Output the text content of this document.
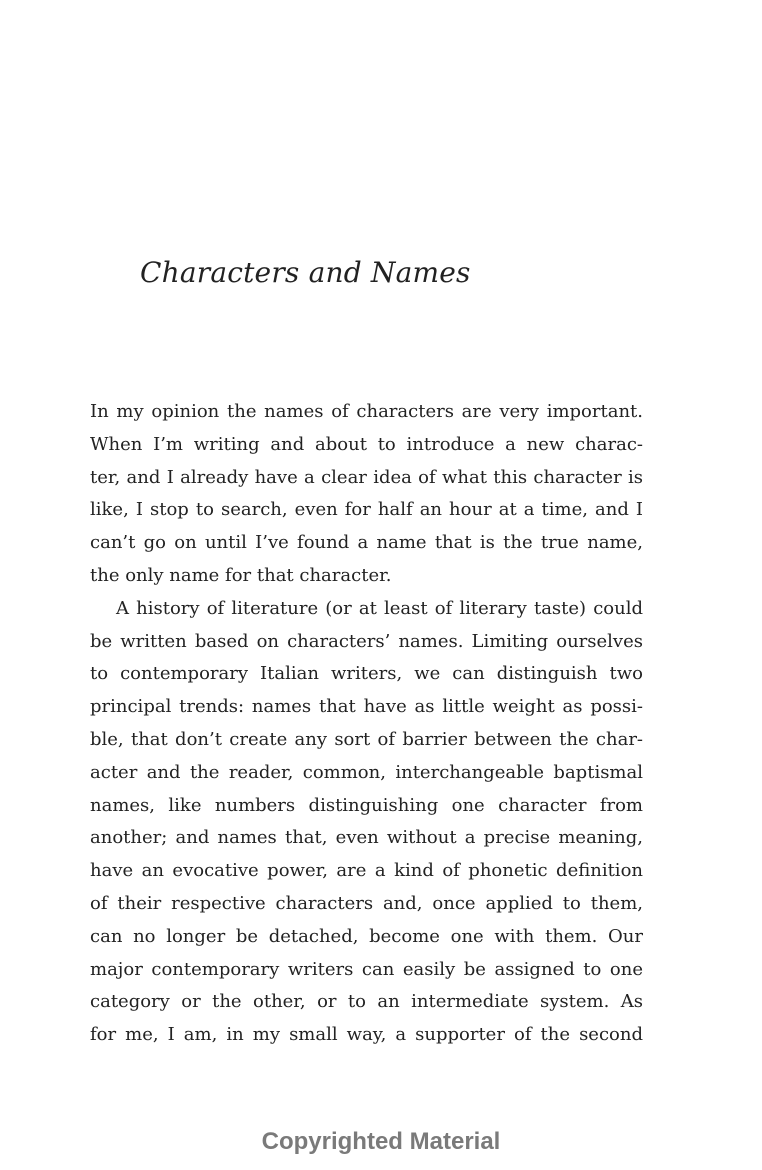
Characters and Names
In my opinion the names of characters are very important.
When I’m writing and about to introduce a new charac-
ter, and I already have a clear idea of what this character is
like, I stop to search, even for half an hour at a time, and I
can’t go on until I’ve found a name that is the true name,
the only name for that character.
A history of literature (or at least of literary taste) could
be written based on characters’ names. Limiting ourselves
to contemporary Italian writers, we can distinguish two
principal trends: names that have as little weight as possi-
ble, that don’t create any sort of barrier between the char-
acter and the reader, common, interchangeable baptismal
names, like numbers distinguishing one character from
another; and names that, even without a precise meaning,
have an evocative power, are a kind of phonetic definition
of their respective characters and, once applied to them,
can no longer be detached, become one with them. Our
major contemporary writers can easily be assigned to one
category or the other, or to an intermediate system. As
for me, I am, in my small way, a supporter of the second

Copyrighted Material
